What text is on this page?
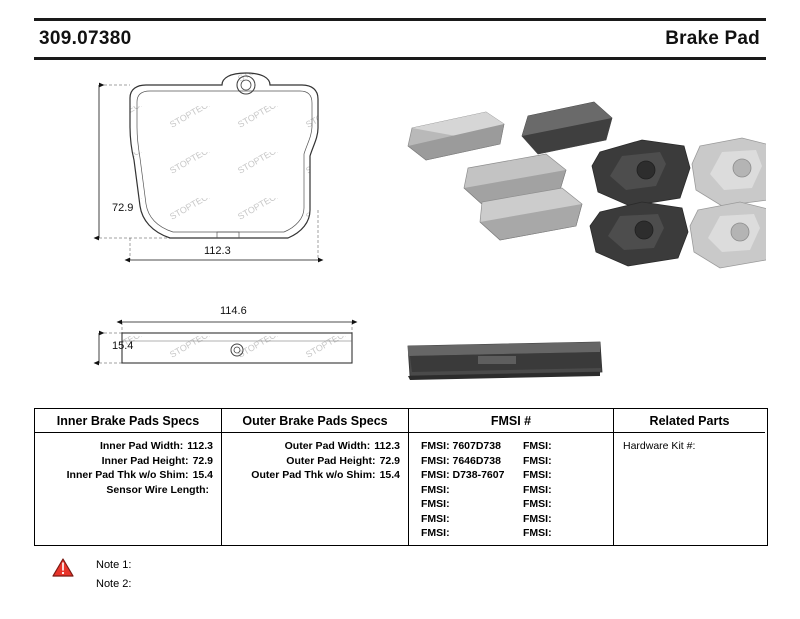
309.07380	Brake Pad
72.9
112.3
114.6
15.4
Inner Brake Pads Specs
Inner Pad Width: 112.3
Inner Pad Height: 72.9
Inner Pad Thk w/o Shim: 15.4
Sensor Wire Length:
Outer Brake Pads Specs
Outer Pad Width: 112.3
Outer Pad Height: 72.9
Outer Pad Thk w/o Shim: 15.4
FMSI #
FMSI: 7607D738
FMSI: 7646D738
FMSI: D738-7607
FMSI:
FMSI:
FMSI:
FMSI:
FMSI:
FMSI:
FMSI:
FMSI:
FMSI:
FMSI:
FMSI:
Related Parts
Hardware Kit #:
Note 1:
Note 2:
